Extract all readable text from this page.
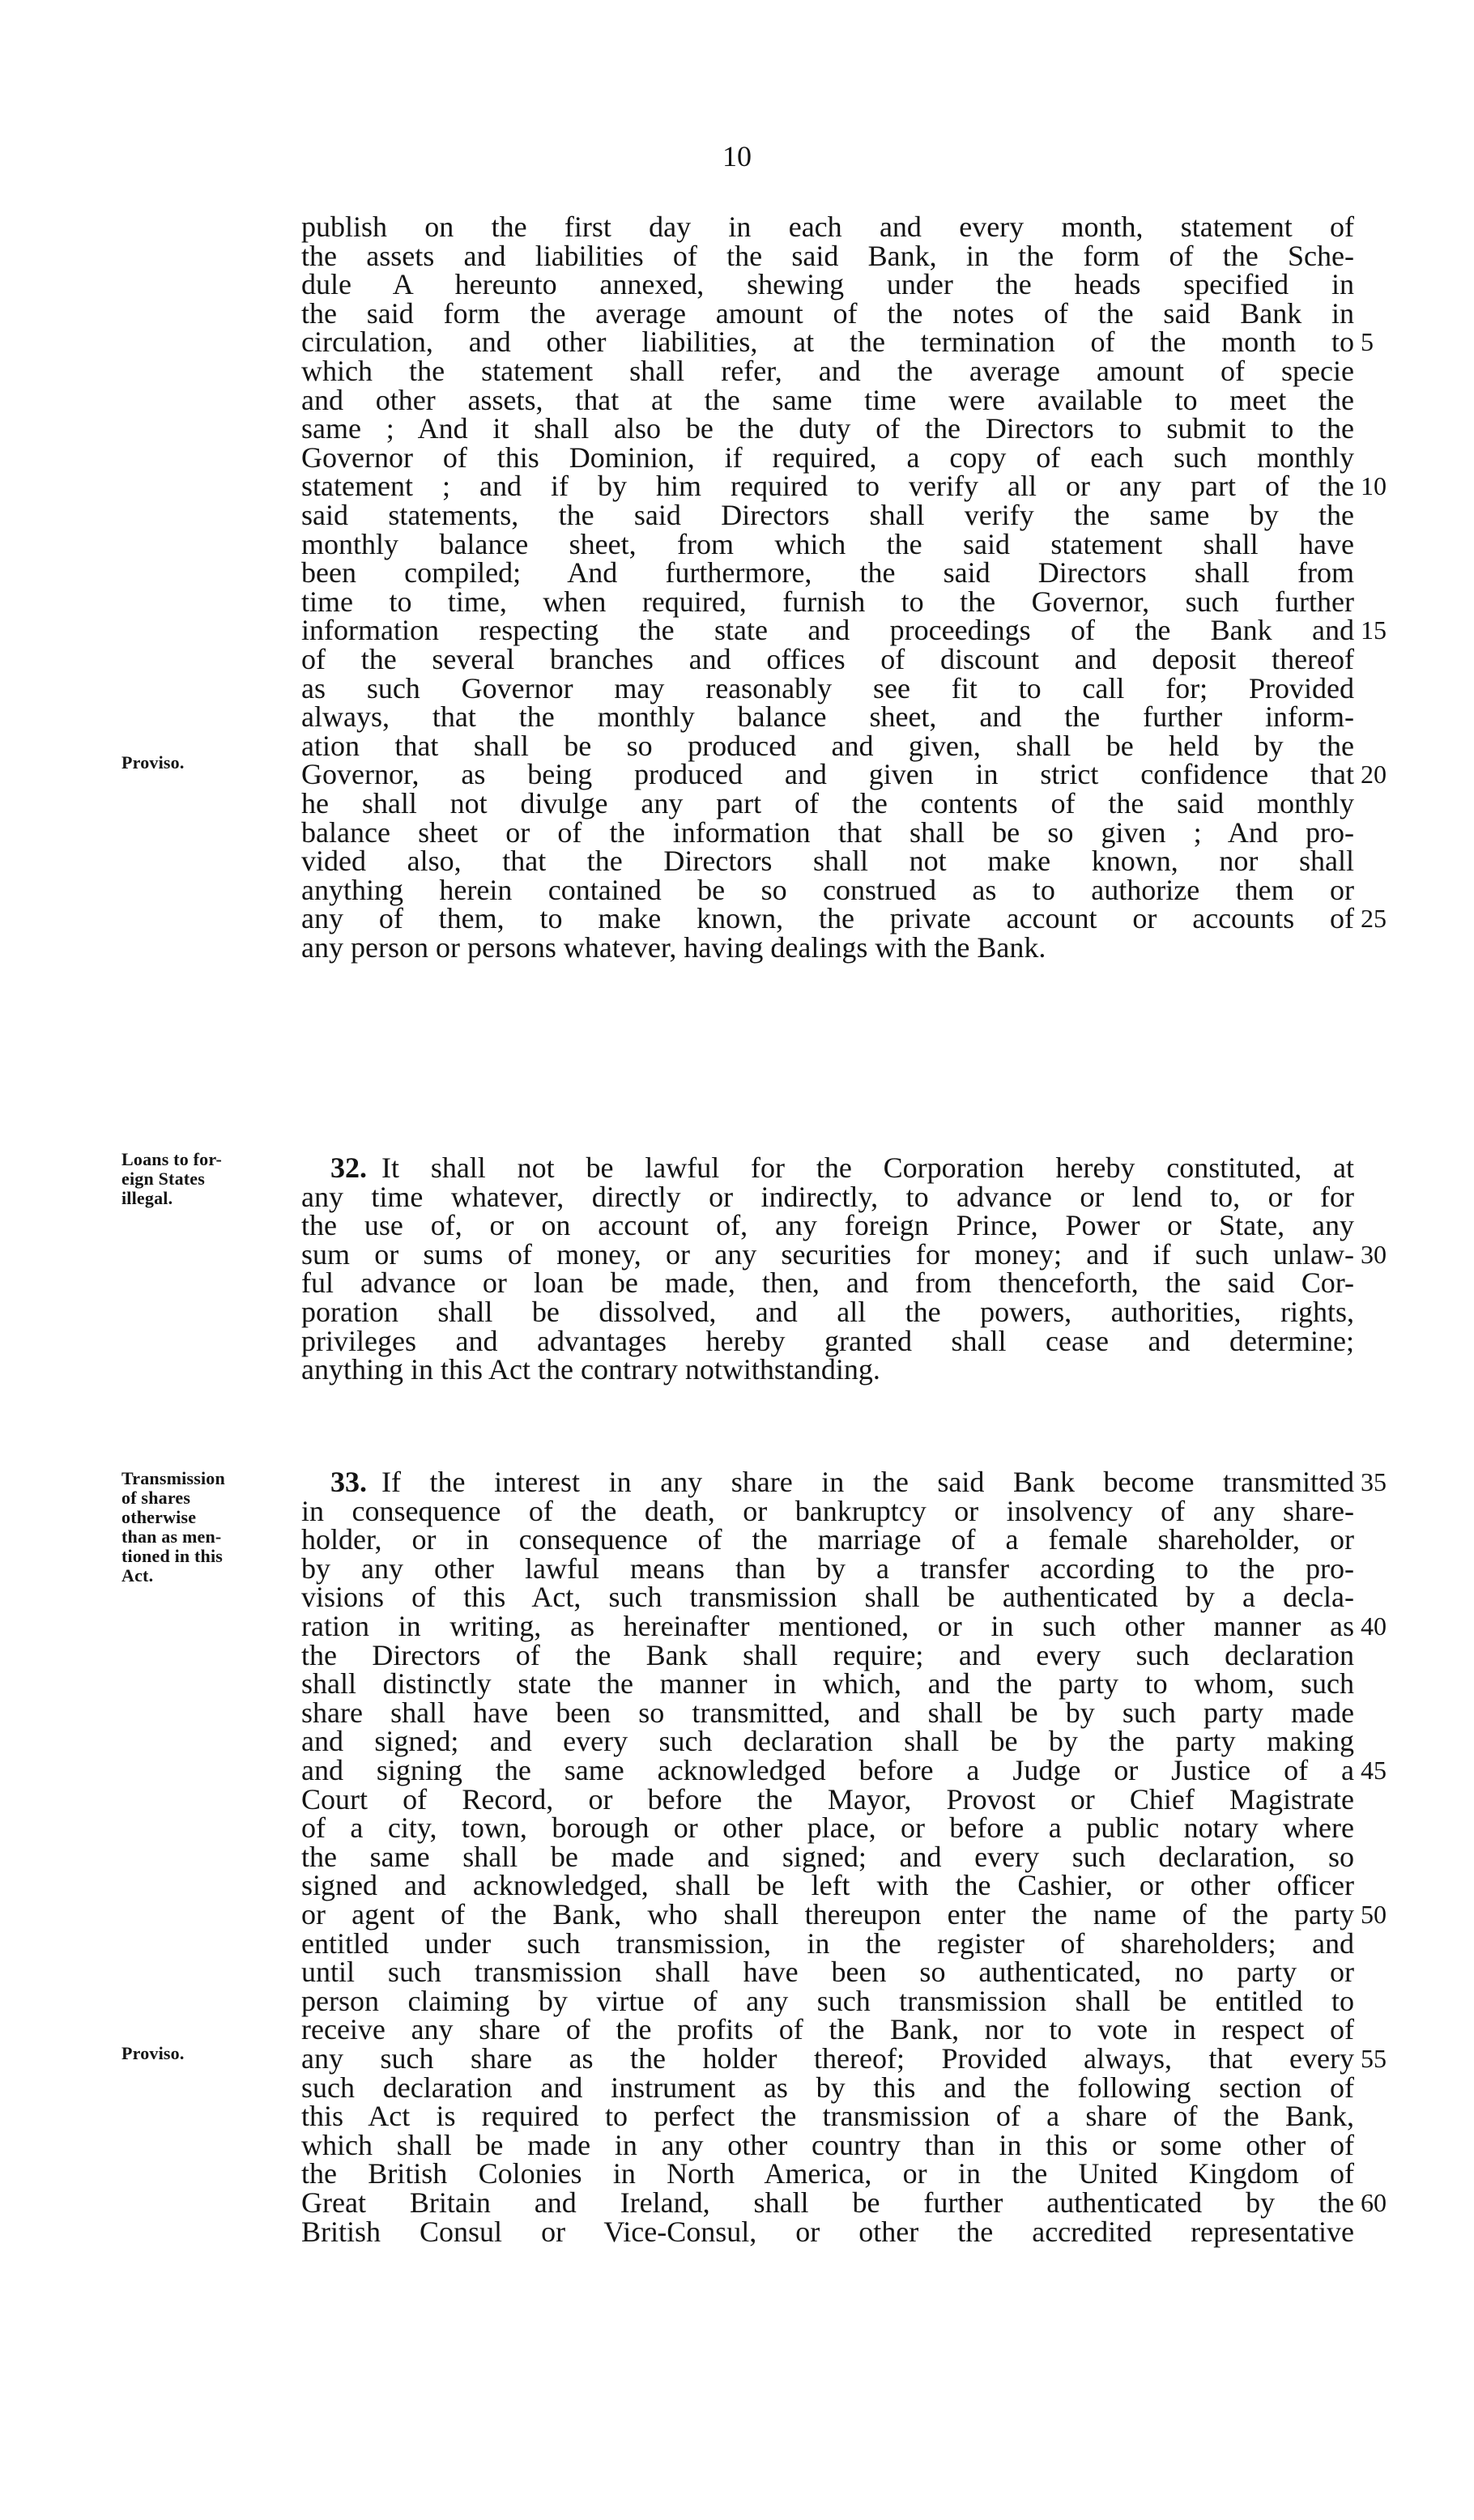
10
publish on the first day in each and every month, statement of
the assets and liabilities of the said Bank, in the form of the Sche-
dule A hereunto annexed, shewing under the heads specified in
the said form the average amount of the notes of the said Bank in
circulation, and other liabilities, at the termination of the month to
which the statement shall refer, and the average amount of specie
and other assets, that at the same time were available to meet the
same ; And it shall also be the duty of the Directors to submit to the
Governor of this Dominion, if required, a copy of each such monthly
statement ; and if by him required to verify all or any part of the
said statements, the said Directors shall verify the same by the
monthly balance sheet, from which the said statement shall have
been compiled; And furthermore, the said Directors shall from
time to time, when required, furnish to the Governor, such further
information respecting the state and proceedings of the Bank and
of the several branches and offices of discount and deposit thereof
as such Governor may reasonably see fit to call for; Provided
always, that the monthly balance sheet, and the further inform-
ation that shall be so produced and given, shall be held by the
Governor, as being produced and given in strict confidence that
he shall not divulge any part of the contents of the said monthly
balance sheet or of the information that shall be so given ; And pro-
vided also, that the Directors shall not make known, nor shall
anything herein contained be so construed as to authorize them or
any of them, to make known, the private account or accounts of
any person or persons whatever, having dealings with the Bank.
32. It shall not be lawful for the Corporation hereby constituted, at
any time whatever, directly or indirectly, to advance or lend to, or for
the use of, or on account of, any foreign Prince, Power or State, any
sum or sums of money, or any securities for money; and if such unlaw-
ful advance or loan be made, then, and from thenceforth, the said Cor-
poration shall be dissolved, and all the powers, authorities, rights,
privileges and advantages hereby granted shall cease and determine;
anything in this Act the contrary notwithstanding.
33. If the interest in any share in the said Bank become transmitted
in consequence of the death, or bankruptcy or insolvency of any share-
holder, or in consequence of the marriage of a female shareholder, or
by any other lawful means than by a transfer according to the pro-
visions of this Act, such transmission shall be authenticated by a decla-
ration in writing, as hereinafter mentioned, or in such other manner as
the Directors of the Bank shall require; and every such declaration
shall distinctly state the manner in which, and the party to whom, such
share shall have been so transmitted, and shall be by such party made
and signed; and every such declaration shall be by the party making
and signing the same acknowledged before a Judge or Justice of a
Court of Record, or before the Mayor, Provost or Chief Magistrate
of a city, town, borough or other place, or before a public notary where
the same shall be made and signed; and every such declaration, so
signed and acknowledged, shall be left with the Cashier, or other officer
or agent of the Bank, who shall thereupon enter the name of the party
entitled under such transmission, in the register of shareholders; and
until such transmission shall have been so authenticated, no party or
person claiming by virtue of any such transmission shall be entitled to
receive any share of the profits of the Bank, nor to vote in respect of
any such share as the holder thereof; Provided always, that every
such declaration and instrument as by this and the following section of
this Act is required to perfect the transmission of a share of the Bank,
which shall be made in any other country than in this or some other of
the British Colonies in North America, or in the United Kingdom of
Great Britain and Ireland, shall be further authenticated by the
British Consul or Vice-Consul, or other the accredited representative
5
10
15
20
25
30
35
40
45
50
55
60
Proviso.
Loans to for-
eign States
illegal.
Transmission
of shares
otherwise
than as men-
tioned in this
Act.
Proviso.
